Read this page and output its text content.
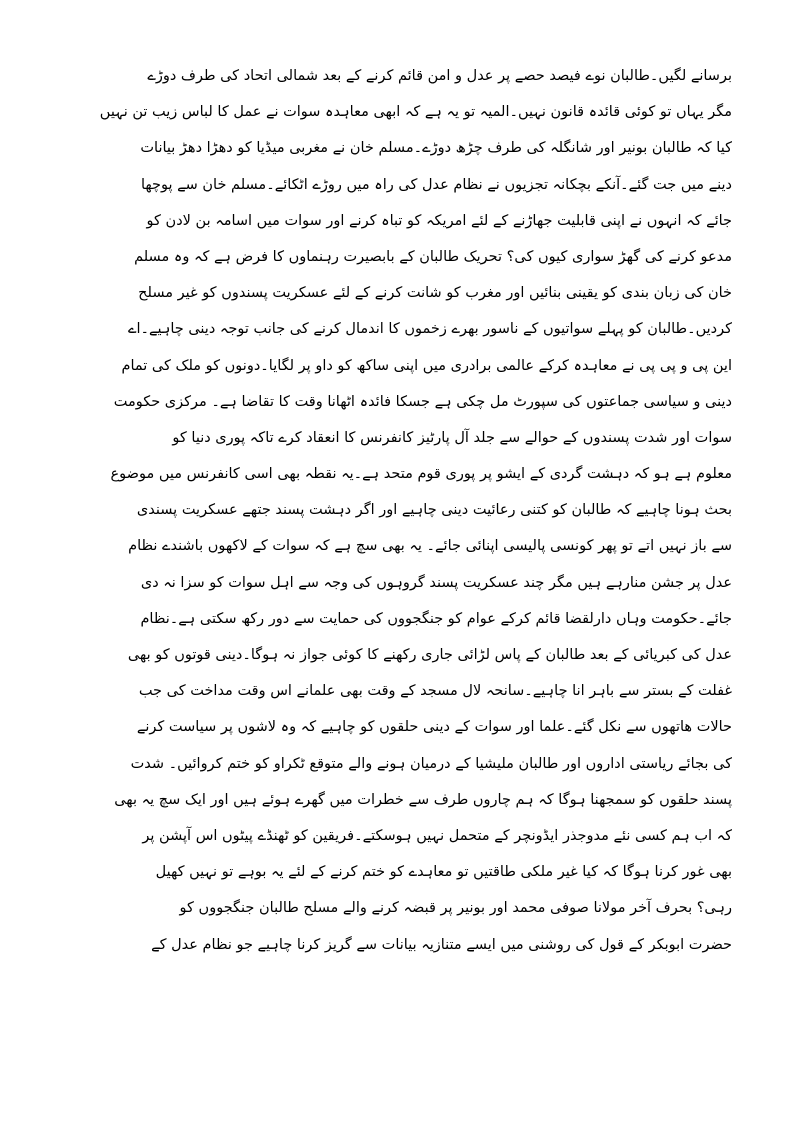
برسانے لگیں۔طالبان نوے فیصد حصے پر عدل و امن قائم کرنے کے بعد شمالی اتحاد کی طرف دوڑے
مگر یہاں تو کوئی قائدہ قانون نہیں۔المیہ تو یہ ہے کہ ابھی معاہدہ سوات نے عمل کا لباس زیب تن نہیں
کیا کہ طالبان بونیر اور شانگلہ کی طرف چڑھ دوڑے۔مسلم خان نے مغربی میڈیا کو دھڑا دھڑ بیانات
دینے میں جت گئے۔آنکے بچکانہ تجزیوں نے نظام عدل کی راہ میں روڑے اٹکائے۔مسلم خان سے پوچھا
جائے کہ انہوں نے اپنی قابلیت جھاڑنے کے لئے امریکہ کو تباہ کرنے اور سوات میں اسامہ بن لادن کو
مدعو کرنے کی گھڑ سواری کیوں کی؟ تحریک طالبان کے بابصیرت رہنماوں کا فرض ہے کہ وہ مسلم
خان کی زبان بندی کو یقینی بنائیں اور مغرب کو شانت کرنے کے لئے عسکریت پسندوں کو غیر مسلح
کردیں۔طالبان کو پہلے سواتیوں کے ناسور بھرے زخموں کا اندمال کرنے کی جانب توجہ دینی چاہیے۔اے
این پی و پی پی نے معاہدہ کرکے عالمی برادری میں اپنی ساکھ کو داو پر لگایا۔دونوں کو ملک کی تمام
دینی و سیاسی جماعتوں کی سپورٹ مل چکی ہے جسکا فائدہ اٹھانا وقت کا تقاضا ہے۔ مرکزی حکومت
سوات اور شدت پسندوں کے حوالے سے جلد آل پارٹیز کانفرنس کا انعقاد کرے تاکہ پوری دنیا کو
معلوم ہے ہو کہ دہشت گردی کے ایشو پر پوری قوم متحد ہے۔یہ نقطہ بھی اسی کانفرنس میں موضوع
بحث ہونا چاہیے کہ طالبان کو کتنی رعائیت دینی چاہیے اور اگر دہشت پسند جتھے عسکریت پسندی
سے باز نہیں اتے تو پھر کونسی پالیسی اپنائی جائے۔ یہ بھی سچ ہے کہ سوات کے لاکھوں باشندے نظام
عدل پر جشن منارہے ہیں مگر چند عسکریت پسند گروہوں کی وجہ سے اہل سوات کو سزا نہ دی
جائے۔حکومت وہاں دارلقضا قائم کرکے عوام کو جنگجووں کی حمایت سے دور رکھ سکتی ہے۔نظام
عدل کی کبریائی کے بعد طالبان کے پاس لڑائی جاری رکھنے کا کوئی جواز نہ ہوگا۔دینی قوتوں کو بھی
غفلت کے بستر سے باہر انا چاہیے۔سانحہ لال مسجد کے وقت بھی علمانے اس وقت مداخت کی جب
حالات ھاتھوں سے نکل گئے۔علما اور سوات کے دینی حلقوں کو چاہیے کہ وہ لاشوں پر سیاست کرنے
کی بجائے ریاستی اداروں اور طالبان ملیشیا کے درمیان ہونے والے متوقع ٹکراو کو ختم کروائیں۔ شدت
پسند حلقوں کو سمجھنا ہوگا کہ ہم چاروں طرف سے خطرات میں گھرے ہوئے ہیں اور ایک سچ یہ بھی
کہ اب ہم کسی نئے مدوجذر ایڈونچر کے متحمل نہیں ہوسکتے۔فریقین کو ٹھنڈے پیٹوں اس آپشن پر
بھی غور کرنا ہوگا کہ کیا غیر ملکی طاقتیں تو معاہدے کو ختم کرنے کے لئے یہ بوہے تو نہیں کھیل
رہی؟ بحرف آخر مولانا صوفی محمد اور بونیر پر قبضہ کرنے والے مسلح طالبان جنگجووں کو
حضرت ابوبکر کے قول کی روشنی میں ایسے متنازیہ بیانات سے گریز کرنا چاہیے جو نظام عدل کے
